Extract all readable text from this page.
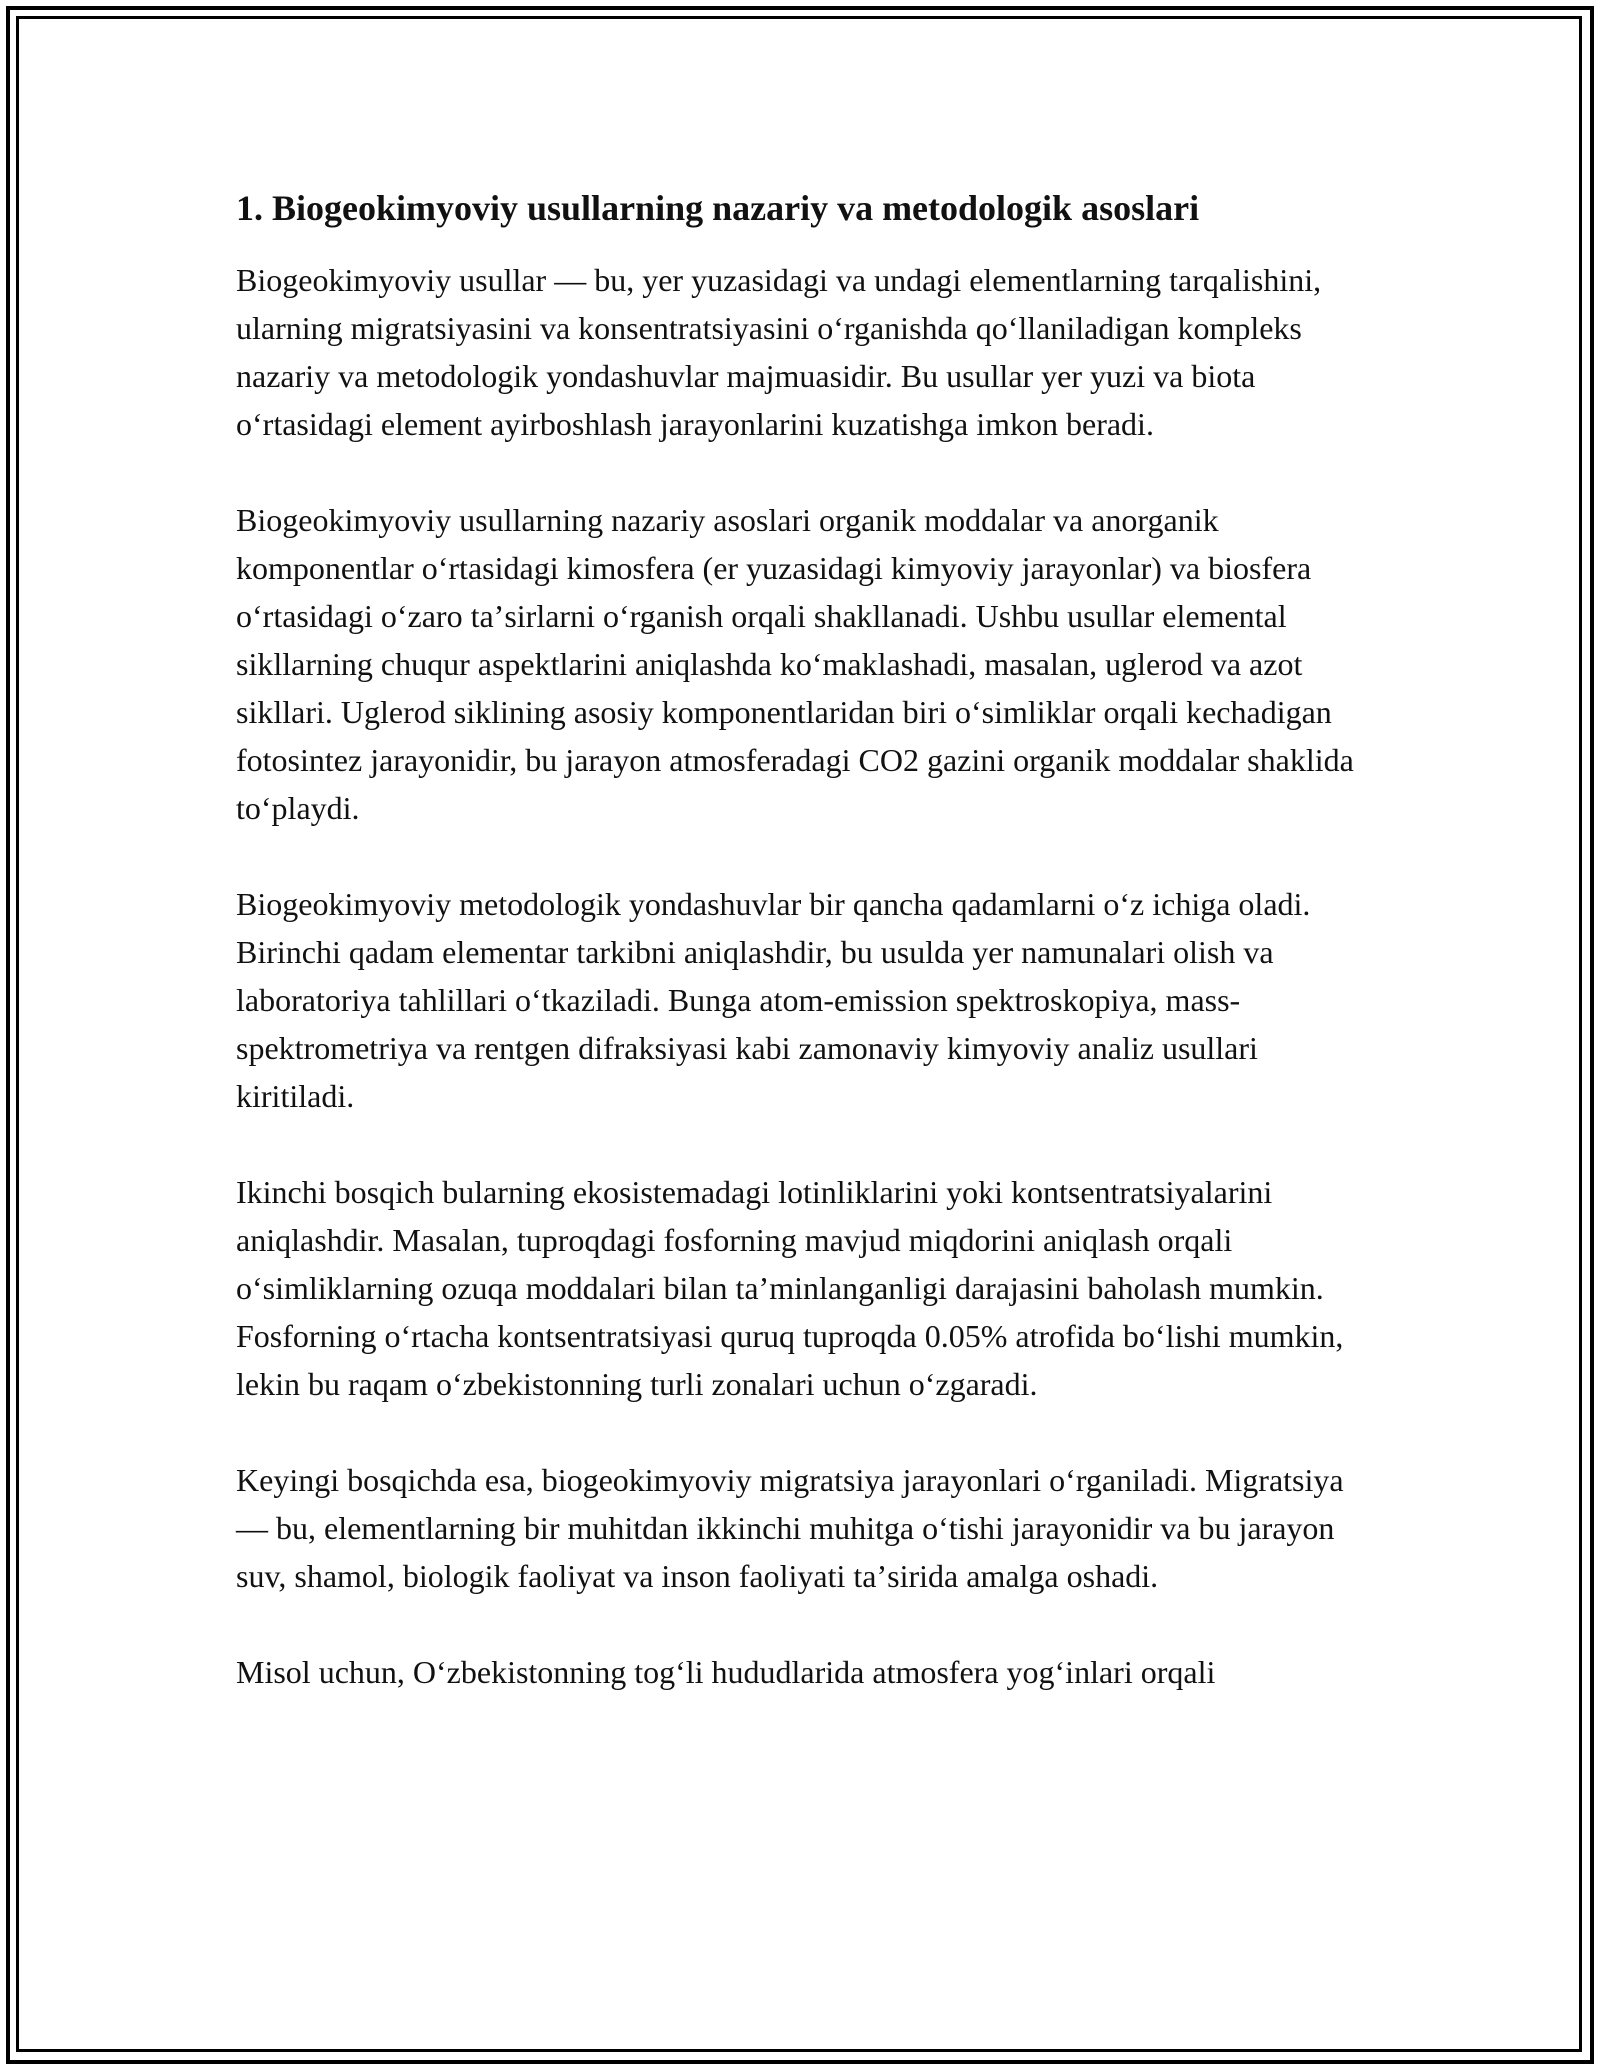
1. Biogeokimyoviy usullarning nazariy va metodologik asoslari

Biogeokimyoviy usullar — bu, yer yuzasidagi va undagi elementlarning tarqalishini, ularning migratsiyasini va konsentratsiyasini oʻrganishda qoʻllaniladigan kompleks nazariy va metodologik yondashuvlar majmuasidir. Bu usullar yer yuzi va biota oʻrtasidagi element ayirboshlash jarayonlarini kuzatishga imkon beradi.

Biogeokimyoviy usullarning nazariy asoslari organik moddalar va anorganik komponentlar oʻrtasidagi kimosfera (er yuzasidagi kimyoviy jarayonlar) va biosfera oʻrtasidagi oʻzaro taʼsirlarni oʻrganish orqali shakllanadi. Ushbu usullar elemental sikllarning chuqur aspektlarini aniqlashda koʻmaklashadi, masalan, uglerod va azot sikllari. Uglerod siklining asosiy komponentlaridan biri oʻsimliklar orqali kechadigan fotosintez jarayonidir, bu jarayon atmosferadagi CO2 gazini organik moddalar shaklida toʻplaydi.

Biogeokimyoviy metodologik yondashuvlar bir qancha qadamlarni oʻz ichiga oladi. Birinchi qadam elementar tarkibni aniqlashdir, bu usulda yer namunalari olish va laboratoriya tahlillari oʻtkaziladi. Bunga atom-emission spektroskopiya, mass-spektrometriya va rentgen difraksiyasi kabi zamonaviy kimyoviy analiz usullari kiritiladi.

Ikinchi bosqich bularning ekosistemadagi lotinliklarini yoki kontsentratsiyalarini aniqlashdir. Masalan, tuproqdagi fosforning mavjud miqdorini aniqlash orqali oʻsimliklarning ozuqa moddalari bilan taʼminlanganligi darajasini baholash mumkin. Fosforning oʻrtacha kontsentratsiyasi quruq tuproqda 0.05% atrofida boʻlishi mumkin, lekin bu raqam oʻzbekistonning turli zonalari uchun oʻzgaradi.

Keyingi bosqichda esa, biogeokimyoviy migratsiya jarayonlari oʻrganiladi. Migratsiya — bu, elementlarning bir muhitdan ikkinchi muhitga oʻtishi jarayonidir va bu jarayon suv, shamol, biologik faoliyat va inson faoliyati taʼsirida amalga oshadi.

Misol uchun, Oʻzbekistonning togʻli hududlarida atmosfera yogʻinlari orqali
